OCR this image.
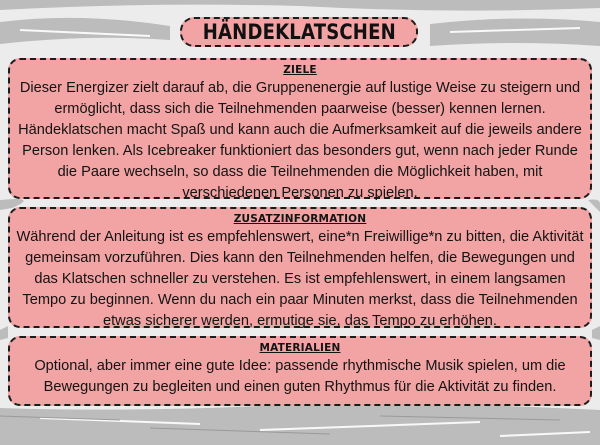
HÄNDEKLATSCHEN
ZIELE
Dieser Energizer zielt darauf ab, die Gruppenenergie auf lustige Weise zu steigern und ermöglicht, dass sich die Teilnehmenden paarweise (besser) kennen lernen. Händeklatschen macht Spaß und kann auch die Aufmerksamkeit auf die jeweils andere Person lenken. Als Icebreaker funktioniert das besonders gut, wenn nach jeder Runde die Paare wechseln, so dass die Teilnehmenden die Möglichkeit haben, mit verschiedenen Personen zu spielen.
ZUSATZINFORMATION
Während der Anleitung ist es empfehlenswert, eine*n Freiwillige*n zu bitten, die Aktivität gemeinsam vorzuführen. Dies kann den Teilnehmenden helfen, die Bewegungen und das Klatschen schneller zu verstehen. Es ist empfehlenswert, in einem langsamen Tempo zu beginnen. Wenn du nach ein paar Minuten merkst, dass die Teilnehmenden etwas sicherer werden, ermutige sie, das Tempo zu erhöhen.
MATERIALIEN
Optional, aber immer eine gute Idee: passende rhythmische Musik spielen, um die Bewegungen zu begleiten und einen guten Rhythmus für die Aktivität zu finden.
